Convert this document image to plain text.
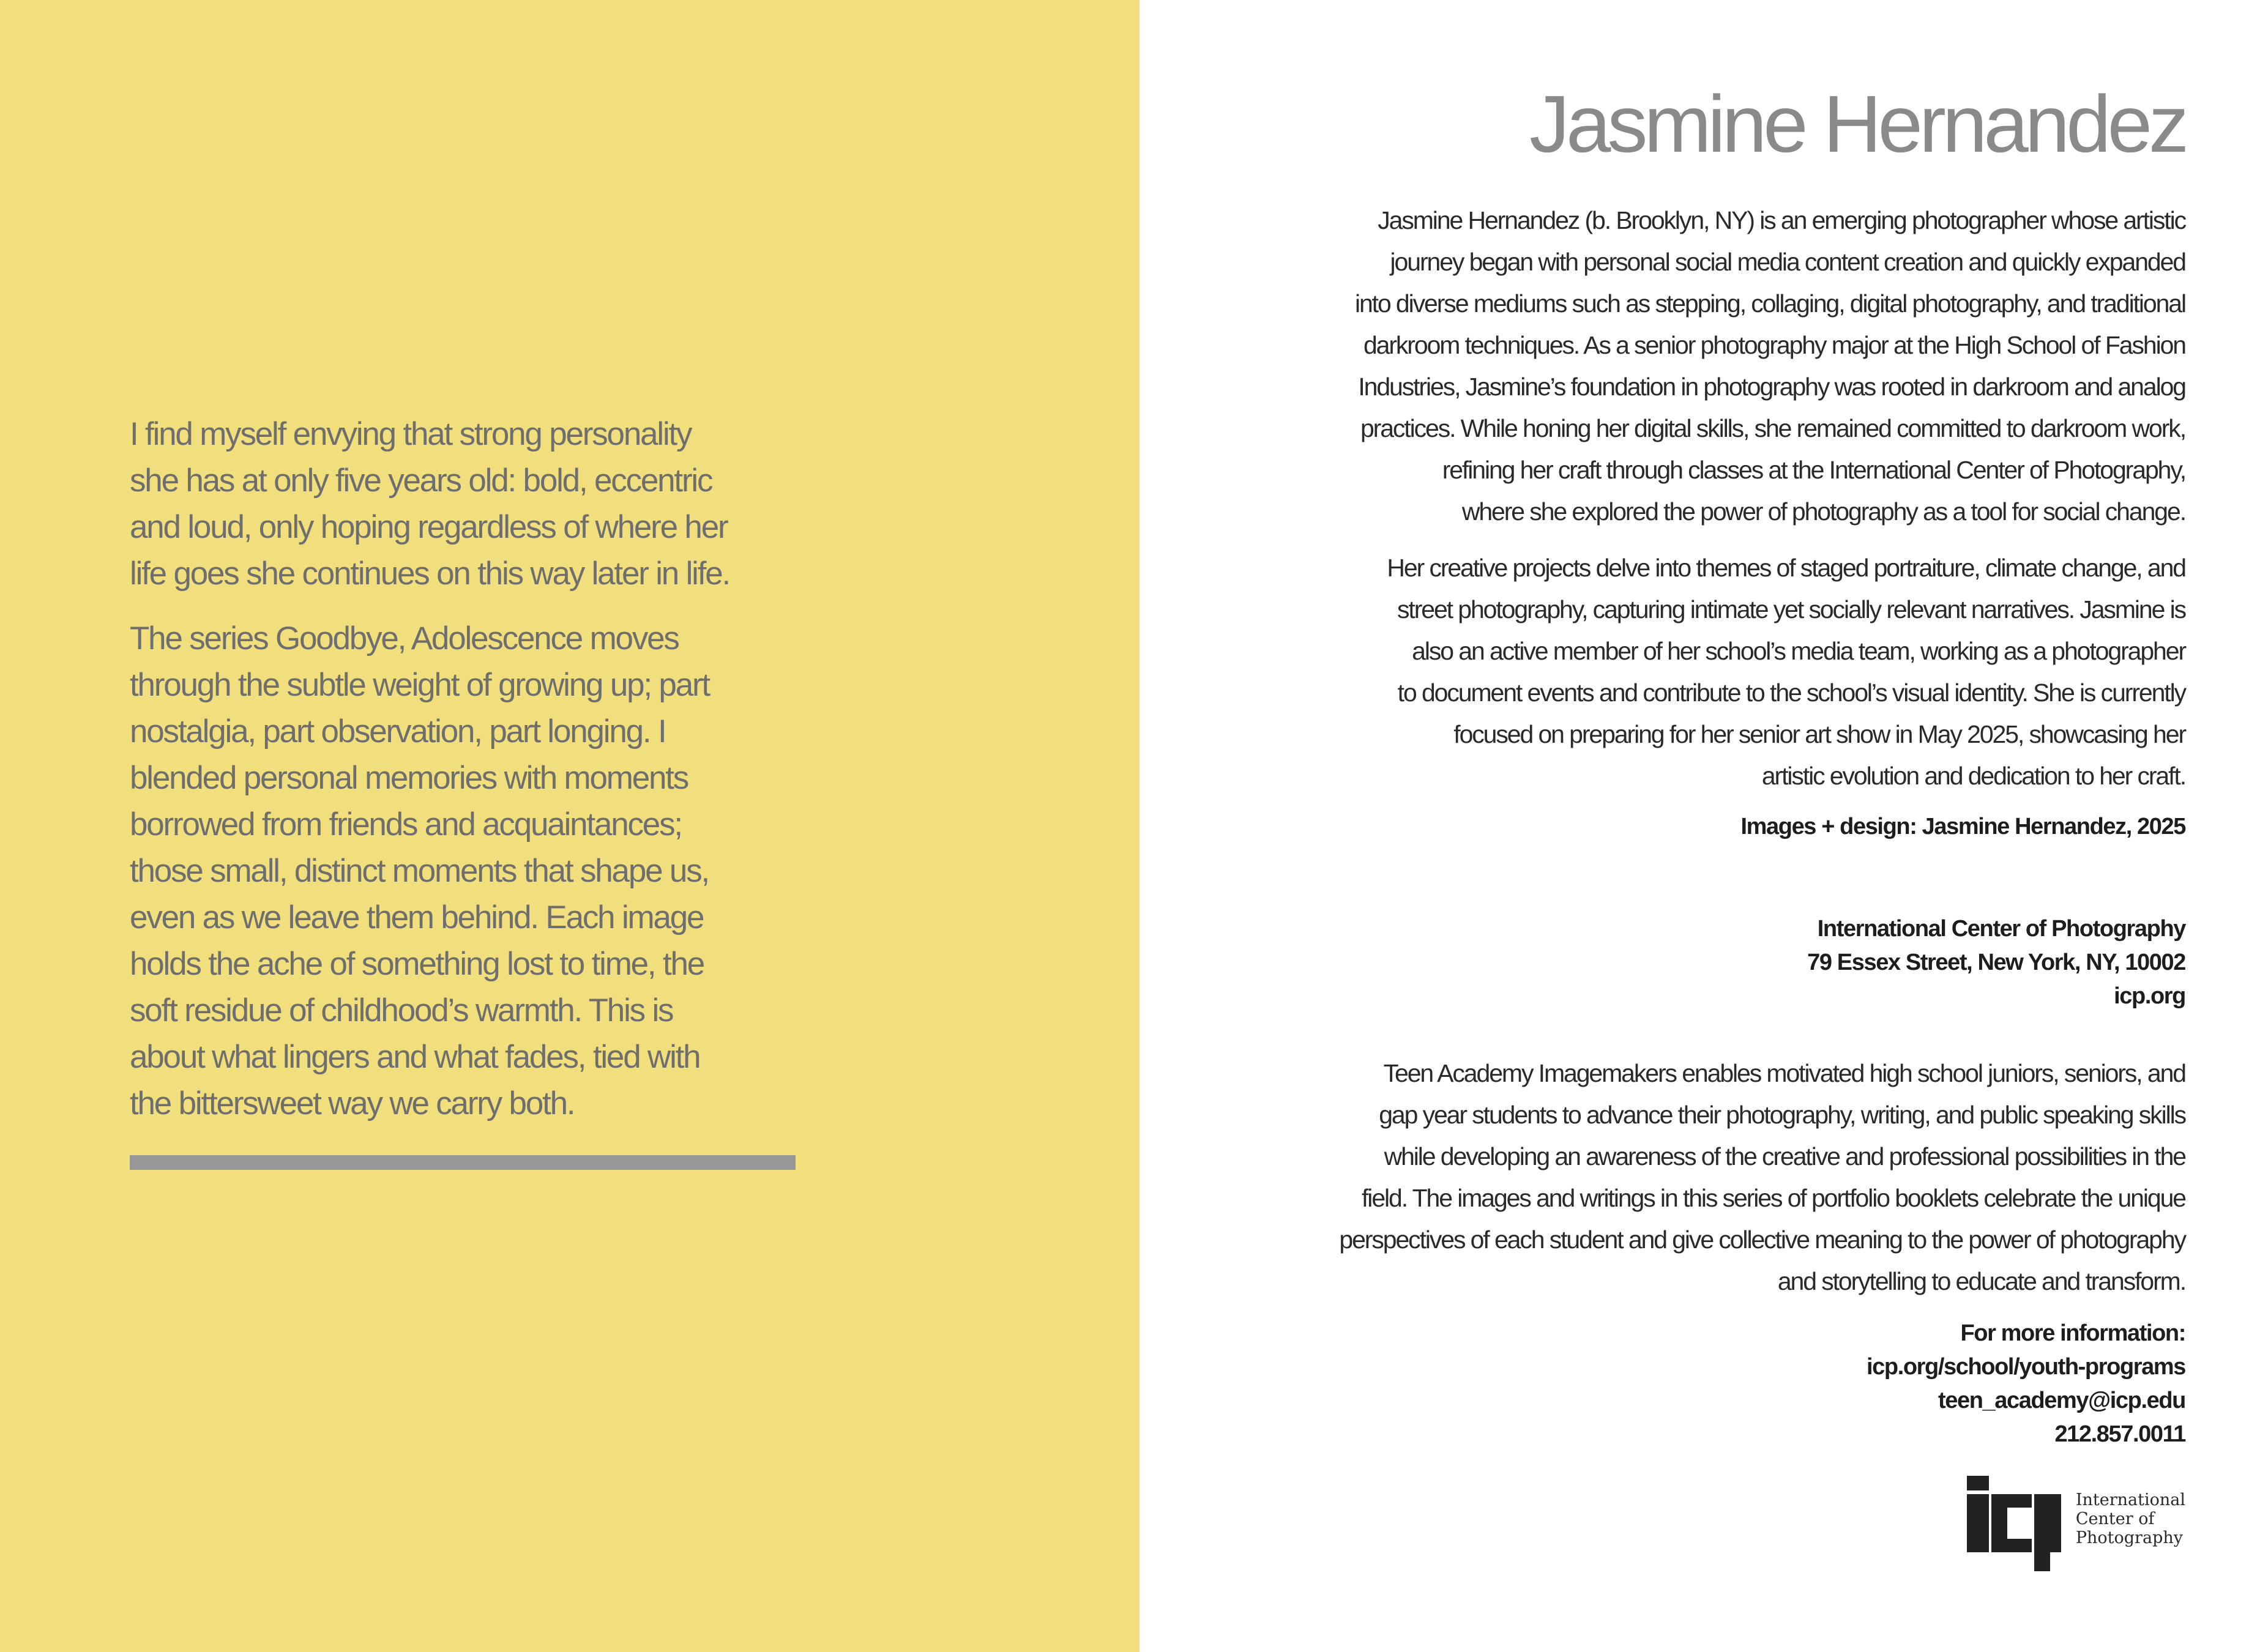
I find myself envying that strong personality
she has at only five years old: bold, eccentric
and loud, only hoping regardless of where her
life goes she continues on this way later in life.

The series Goodbye, Adolescence moves
through the subtle weight of growing up; part
nostalgia, part observation, part longing. I
blended personal memories with moments
borrowed from friends and acquaintances;
those small, distinct moments that shape us,
even as we leave them behind. Each image
holds the ache of something lost to time, the
soft residue of childhood’s warmth. This is
about what lingers and what fades, tied with
the bittersweet way we carry both.

Jasmine Hernandez

Jasmine Hernandez (b. Brooklyn, NY) is an emerging photographer whose artistic
journey began with personal social media content creation and quickly expanded
into diverse mediums such as stepping, collaging, digital photography, and traditional
darkroom techniques. As a senior photography major at the High School of Fashion
Industries, Jasmine’s foundation in photography was rooted in darkroom and analog
practices. While honing her digital skills, she remained committed to darkroom work,
refining her craft through classes at the International Center of Photography,
where she explored the power of photography as a tool for social change.

Her creative projects delve into themes of staged portraiture, climate change, and
street photography, capturing intimate yet socially relevant narratives. Jasmine is
also an active member of her school’s media team, working as a photographer
to document events and contribute to the school’s visual identity. She is currently
focused on preparing for her senior art show in May 2025, showcasing her
artistic evolution and dedication to her craft.

Images + design: Jasmine Hernandez, 2025

International Center of Photography

79 Essex Street, New York, NY, 10002

icp.org

Teen Academy Imagemakers enables motivated high school juniors, seniors, and
gap year students to advance their photography, writing, and public speaking skills
while developing an awareness of the creative and professional possibilities in the
field. The images and writings in this series of portfolio booklets celebrate the unique
perspectives of each student and give collective meaning to the power of photography
and storytelling to educate and transform.

For more information:

icp.org/school/youth-programs

teen_academy@icp.edu

212.857.0011

International
Center of
Photography
